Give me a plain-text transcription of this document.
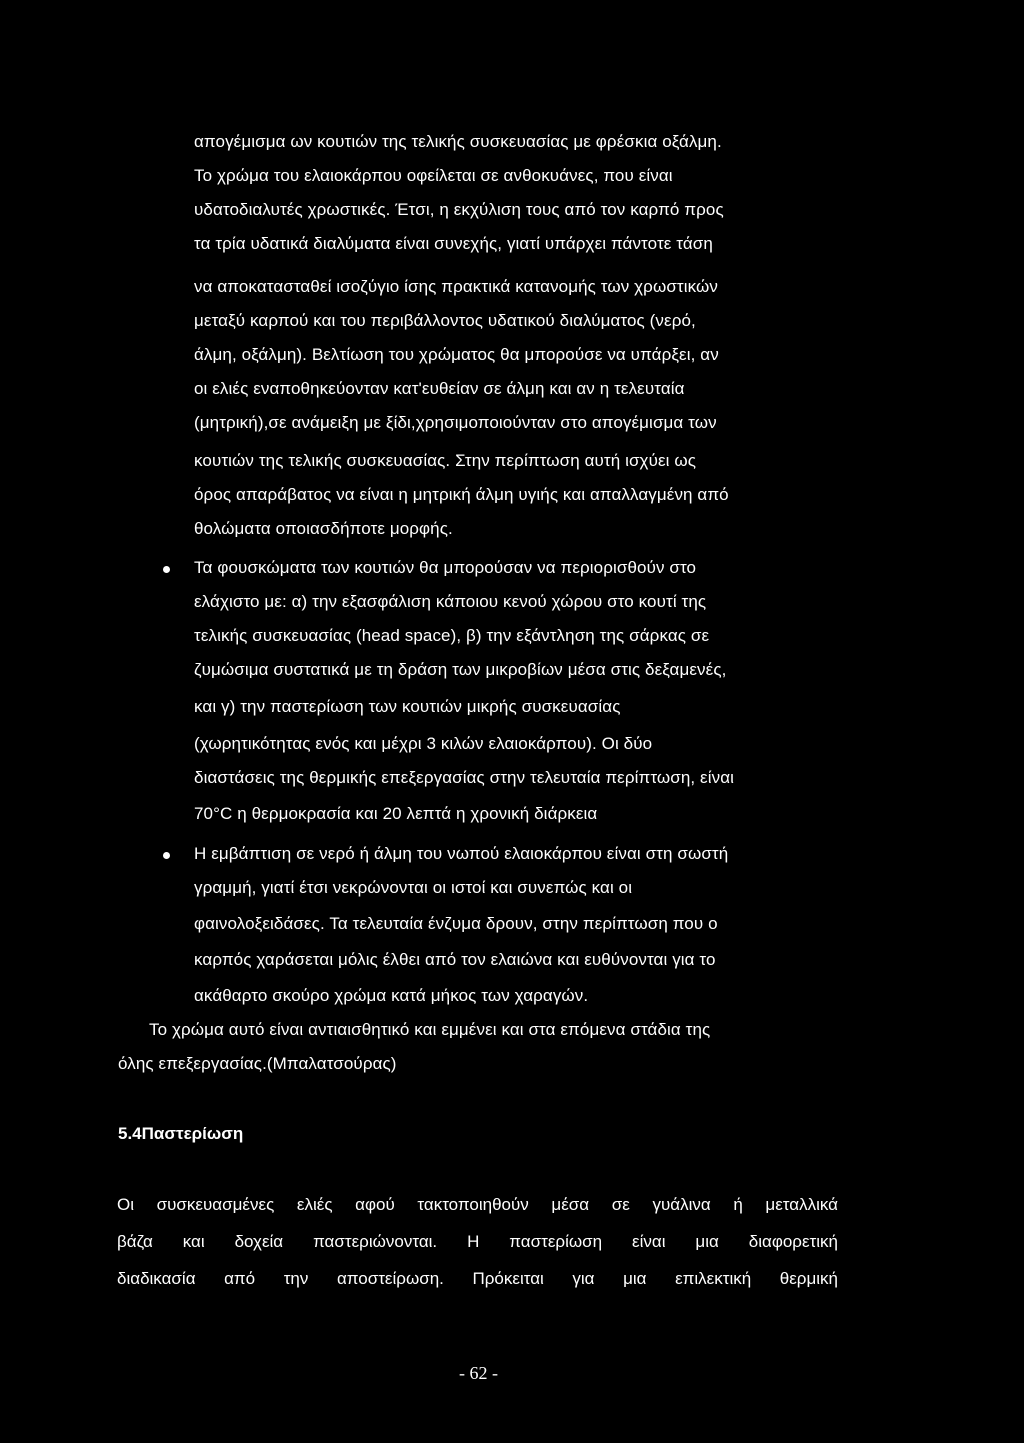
απογέμισμα ων κουτιών της τελικής συσκευασίας με φρέσκια οξάλμη.
Το χρώμα του ελαιοκάρπου οφείλεται σε ανθοκυάνες, που είναι
υδατοδιαλυτές χρωστικές. Έτσι, η εκχύλιση τους από τον καρπό προς
τα τρία υδατικά διαλύματα είναι συνεχής, γιατί υπάρχει πάντοτε τάση
να αποκατασταθεί ισοζύγιο ίσης πρακτικά κατανομής των χρωστικών
μεταξύ καρπού και του περιβάλλοντος υδατικού διαλύματος (νερό,
άλμη, οξάλμη). Βελτίωση του χρώματος θα μπορούσε να υπάρξει, αν
οι ελιές εναποθηκεύονταν κατ'ευθείαν σε άλμη και αν η τελευταία
(μητρική),σε ανάμειξη με ξίδι,χρησιμοποιούνταν στο απογέμισμα των
κουτιών της τελικής συσκευασίας. Στην περίπτωση αυτή ισχύει ως
όρος απαράβατος να είναι η μητρική άλμη υγιής και απαλλαγμένη από
θολώματα οποιασδήποτε μορφής.
Τα φουσκώματα των κουτιών θα μπορούσαν να περιορισθούν στο
ελάχιστο με: α) την εξασφάλιση κάποιου κενού χώρου στο κουτί της
τελικής συσκευασίας (head space), β) την εξάντληση της σάρκας σε
ζυμώσιμα συστατικά με τη δράση των μικροβίων μέσα στις δεξαμενές,
και γ) την παστερίωση των κουτιών μικρής συσκευασίας
(χωρητικότητας ενός και μέχρι 3 κιλών ελαιοκάρπου). Οι δύο
διαστάσεις της θερμικής επεξεργασίας στην τελευταία περίπτωση, είναι
70°C η θερμοκρασία και 20 λεπτά η χρονική διάρκεια
Η εμβάπτιση σε νερό ή άλμη του νωπού ελαιοκάρπου είναι στη σωστή
γραμμή, γιατί έτσι νεκρώνονται οι ιστοί και συνεπώς και οι
φαινολοξειδάσες. Τα τελευταία ένζυμα δρουν, στην περίπτωση που ο
καρπός χαράσεται μόλις έλθει από τον ελαιώνα και ευθύνονται για το
ακάθαρτο σκούρο χρώμα κατά μήκος των χαραγών.
Το χρώμα αυτό είναι αντιαισθητικό και εμμένει και στα επόμενα στάδια της
όλης επεξεργασίας.(Μπαλατσούρας)
5.4Παστερίωση
Οι συσκευασμένες ελιές αφού τακτοποιηθούν μέσα σε γυάλινα ή μεταλλικά
βάζα και δοχεία παστεριώνονται. Η παστερίωση είναι μια διαφορετική
διαδικασία από την αποστείρωση. Πρόκειται για μια επιλεκτική θερμική
- 62 -
